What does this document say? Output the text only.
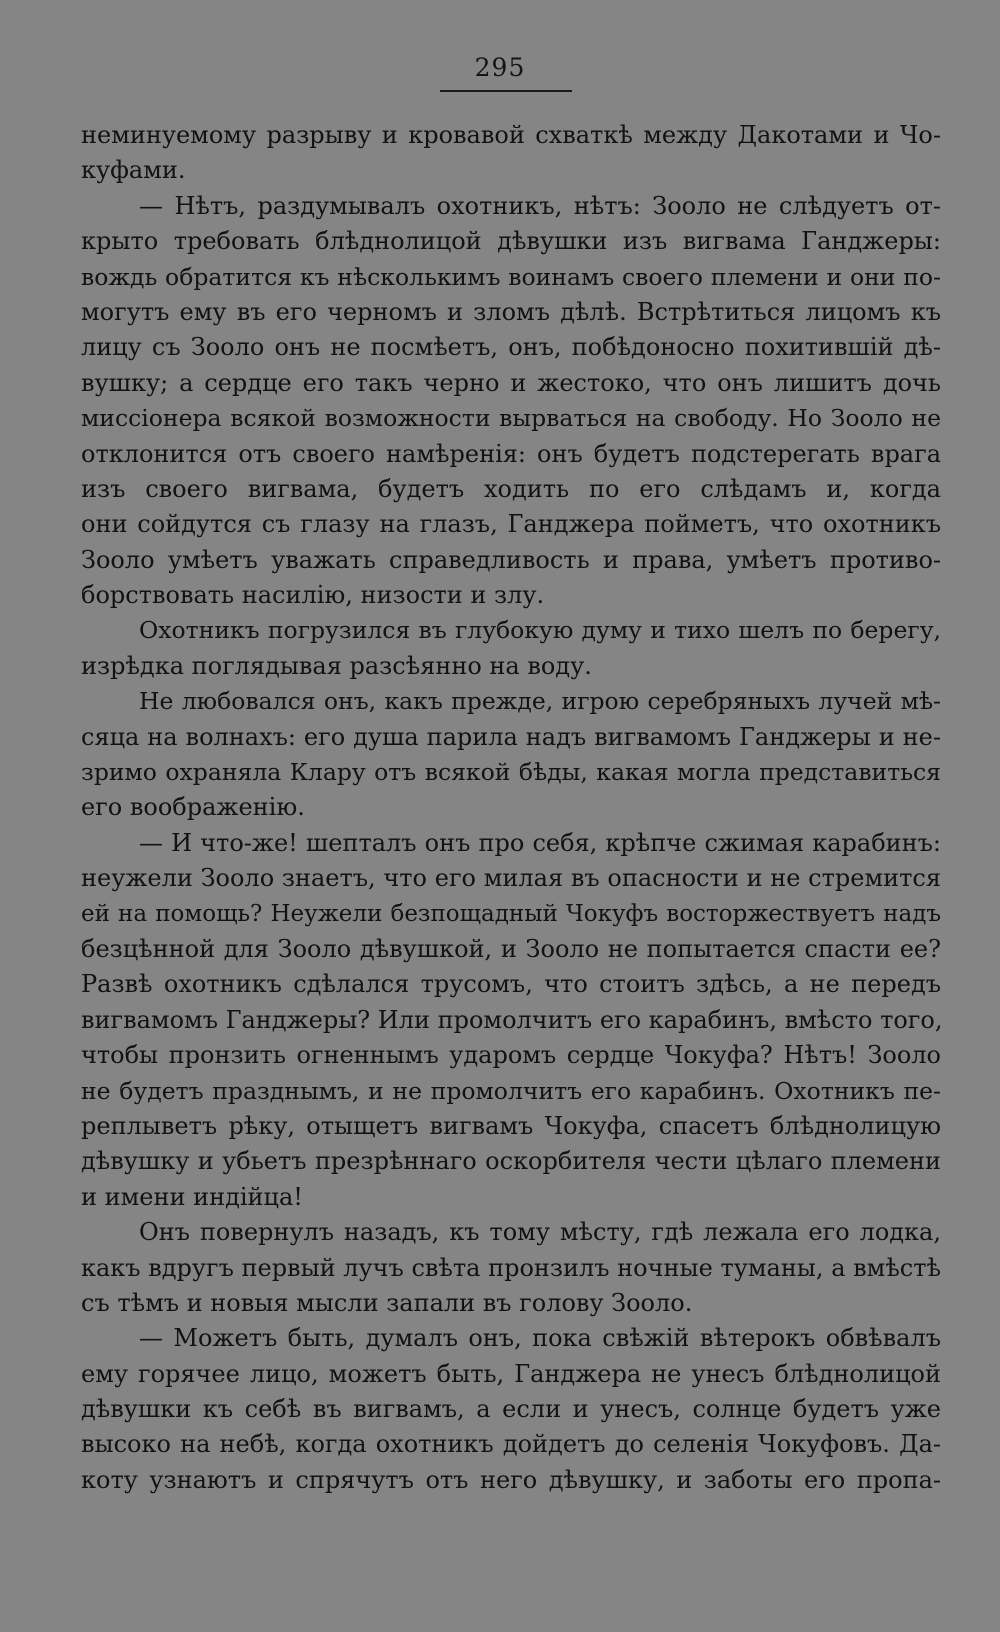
295
неминуемому разрыву и кровавой схваткѣ между Дакотами и Чо-
куфами.
— Нѣтъ, раздумывалъ охотникъ, нѣтъ: Зооло не слѣдуетъ от-
крыто требовать блѣднолицой дѣвушки изъ вигвама Ганджеры:
вождь обратится къ нѣсколькимъ воинамъ своего племени и они по-
могутъ ему въ его черномъ и зломъ дѣлѣ. Встрѣтиться лицомъ къ
лицу съ Зооло онъ не посмѣетъ, онъ, побѣдоносно похитившій дѣ-
вушку; а сердце его такъ черно и жестоко, что онъ лишитъ дочь
миссіонера всякой возможности вырваться на свободу. Но Зооло не
отклонится отъ своего намѣренія: онъ будетъ подстерегать врага
изъ своего вигвама, будетъ ходить по его слѣдамъ и, когда
они сойдутся съ глазу на глазъ, Ганджера пойметъ, что охотникъ
Зооло умѣетъ уважать справедливость и права, умѣетъ противо-
борствовать насилію, низости и злу.
Охотникъ погрузился въ глубокую думу и тихо шелъ по берегу,
изрѣдка поглядывая разсѣянно на воду.
Не любовался онъ, какъ прежде, игрою серебряныхъ лучей мѣ-
сяца на волнахъ: его душа парила надъ вигвамомъ Ганджеры и не-
зримо охраняла Клару отъ всякой бѣды, какая могла представиться
его воображенію.
— И что-же! шепталъ онъ про себя, крѣпче сжимая карабинъ:
неужели Зооло знаетъ, что его милая въ опасности и не стремится
ей на помощь? Неужели безпощадный Чокуфъ восторжествуетъ надъ
безцѣнной для Зооло дѣвушкой, и Зооло не попытается спасти ее?
Развѣ охотникъ сдѣлался трусомъ, что стоитъ здѣсь, а не передъ
вигвамомъ Ганджеры? Или промолчитъ его карабинъ, вмѣсто того,
чтобы пронзить огненнымъ ударомъ сердце Чокуфа? Нѣтъ! Зооло
не будетъ празднымъ, и не промолчитъ его карабинъ. Охотникъ пе-
реплыветъ рѣку, отыщетъ вигвамъ Чокуфа, спасетъ блѣднолицую
дѣвушку и убьетъ презрѣннаго оскорбителя чести цѣлаго племени
и имени индійца!
Онъ повернулъ назадъ, къ тому мѣсту, гдѣ лежала его лодка,
какъ вдругъ первый лучъ свѣта пронзилъ ночные туманы, а вмѣстѣ
съ тѣмъ и новыя мысли запали въ голову Зооло.
— Можетъ быть, думалъ онъ, пока свѣжій вѣтерокъ обвѣвалъ
ему горячее лицо, можетъ быть, Ганджера не унесъ блѣднолицой
дѣвушки къ себѣ въ вигвамъ, а если и унесъ, солнце будетъ уже
высоко на небѣ, когда охотникъ дойдетъ до селенія Чокуфовъ. Да-
коту узнаютъ и спрячутъ отъ него дѣвушку, и заботы его пропа-
